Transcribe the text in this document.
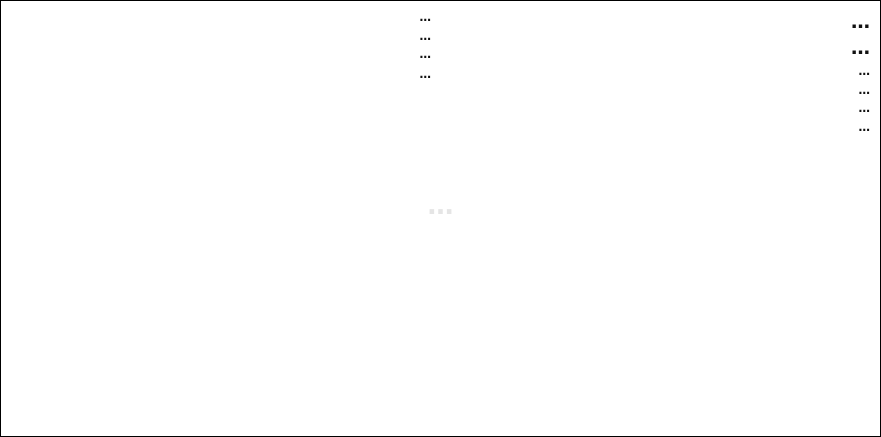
…
…
…
…
…
…
…
…
…
…
…
